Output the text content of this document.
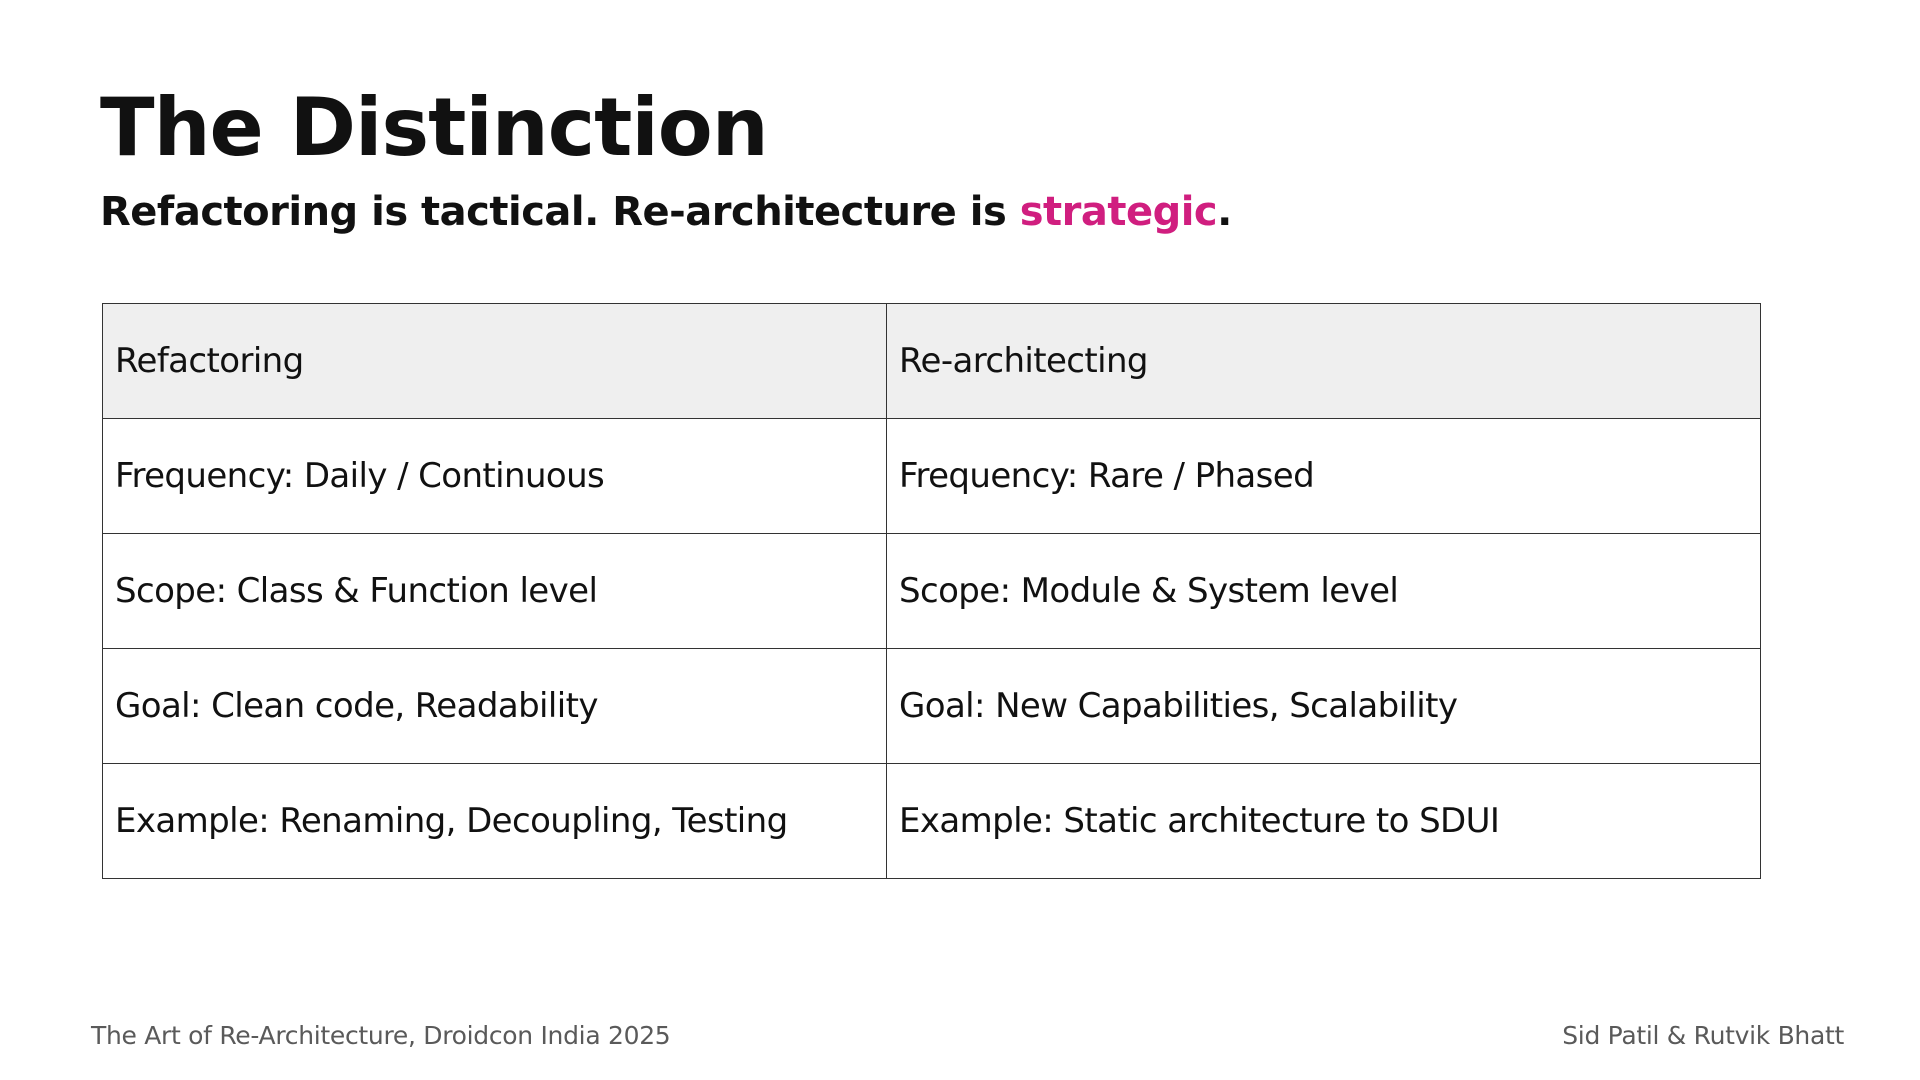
The Distinction

Refactoring is tactical. Re-architecture is strategic.

Refactoring	Re-architecting
Frequency: Daily / Continuous	Frequency: Rare / Phased
Scope: Class & Function level	Scope: Module & System level
Goal: Clean code, Readability	Goal: New Capabilities, Scalability
Example: Renaming, Decoupling, Testing	Example: Static architecture to SDUI
The Art of Re-Architecture, Droidcon India 2025	Sid Patil & Rutvik Bhatt
